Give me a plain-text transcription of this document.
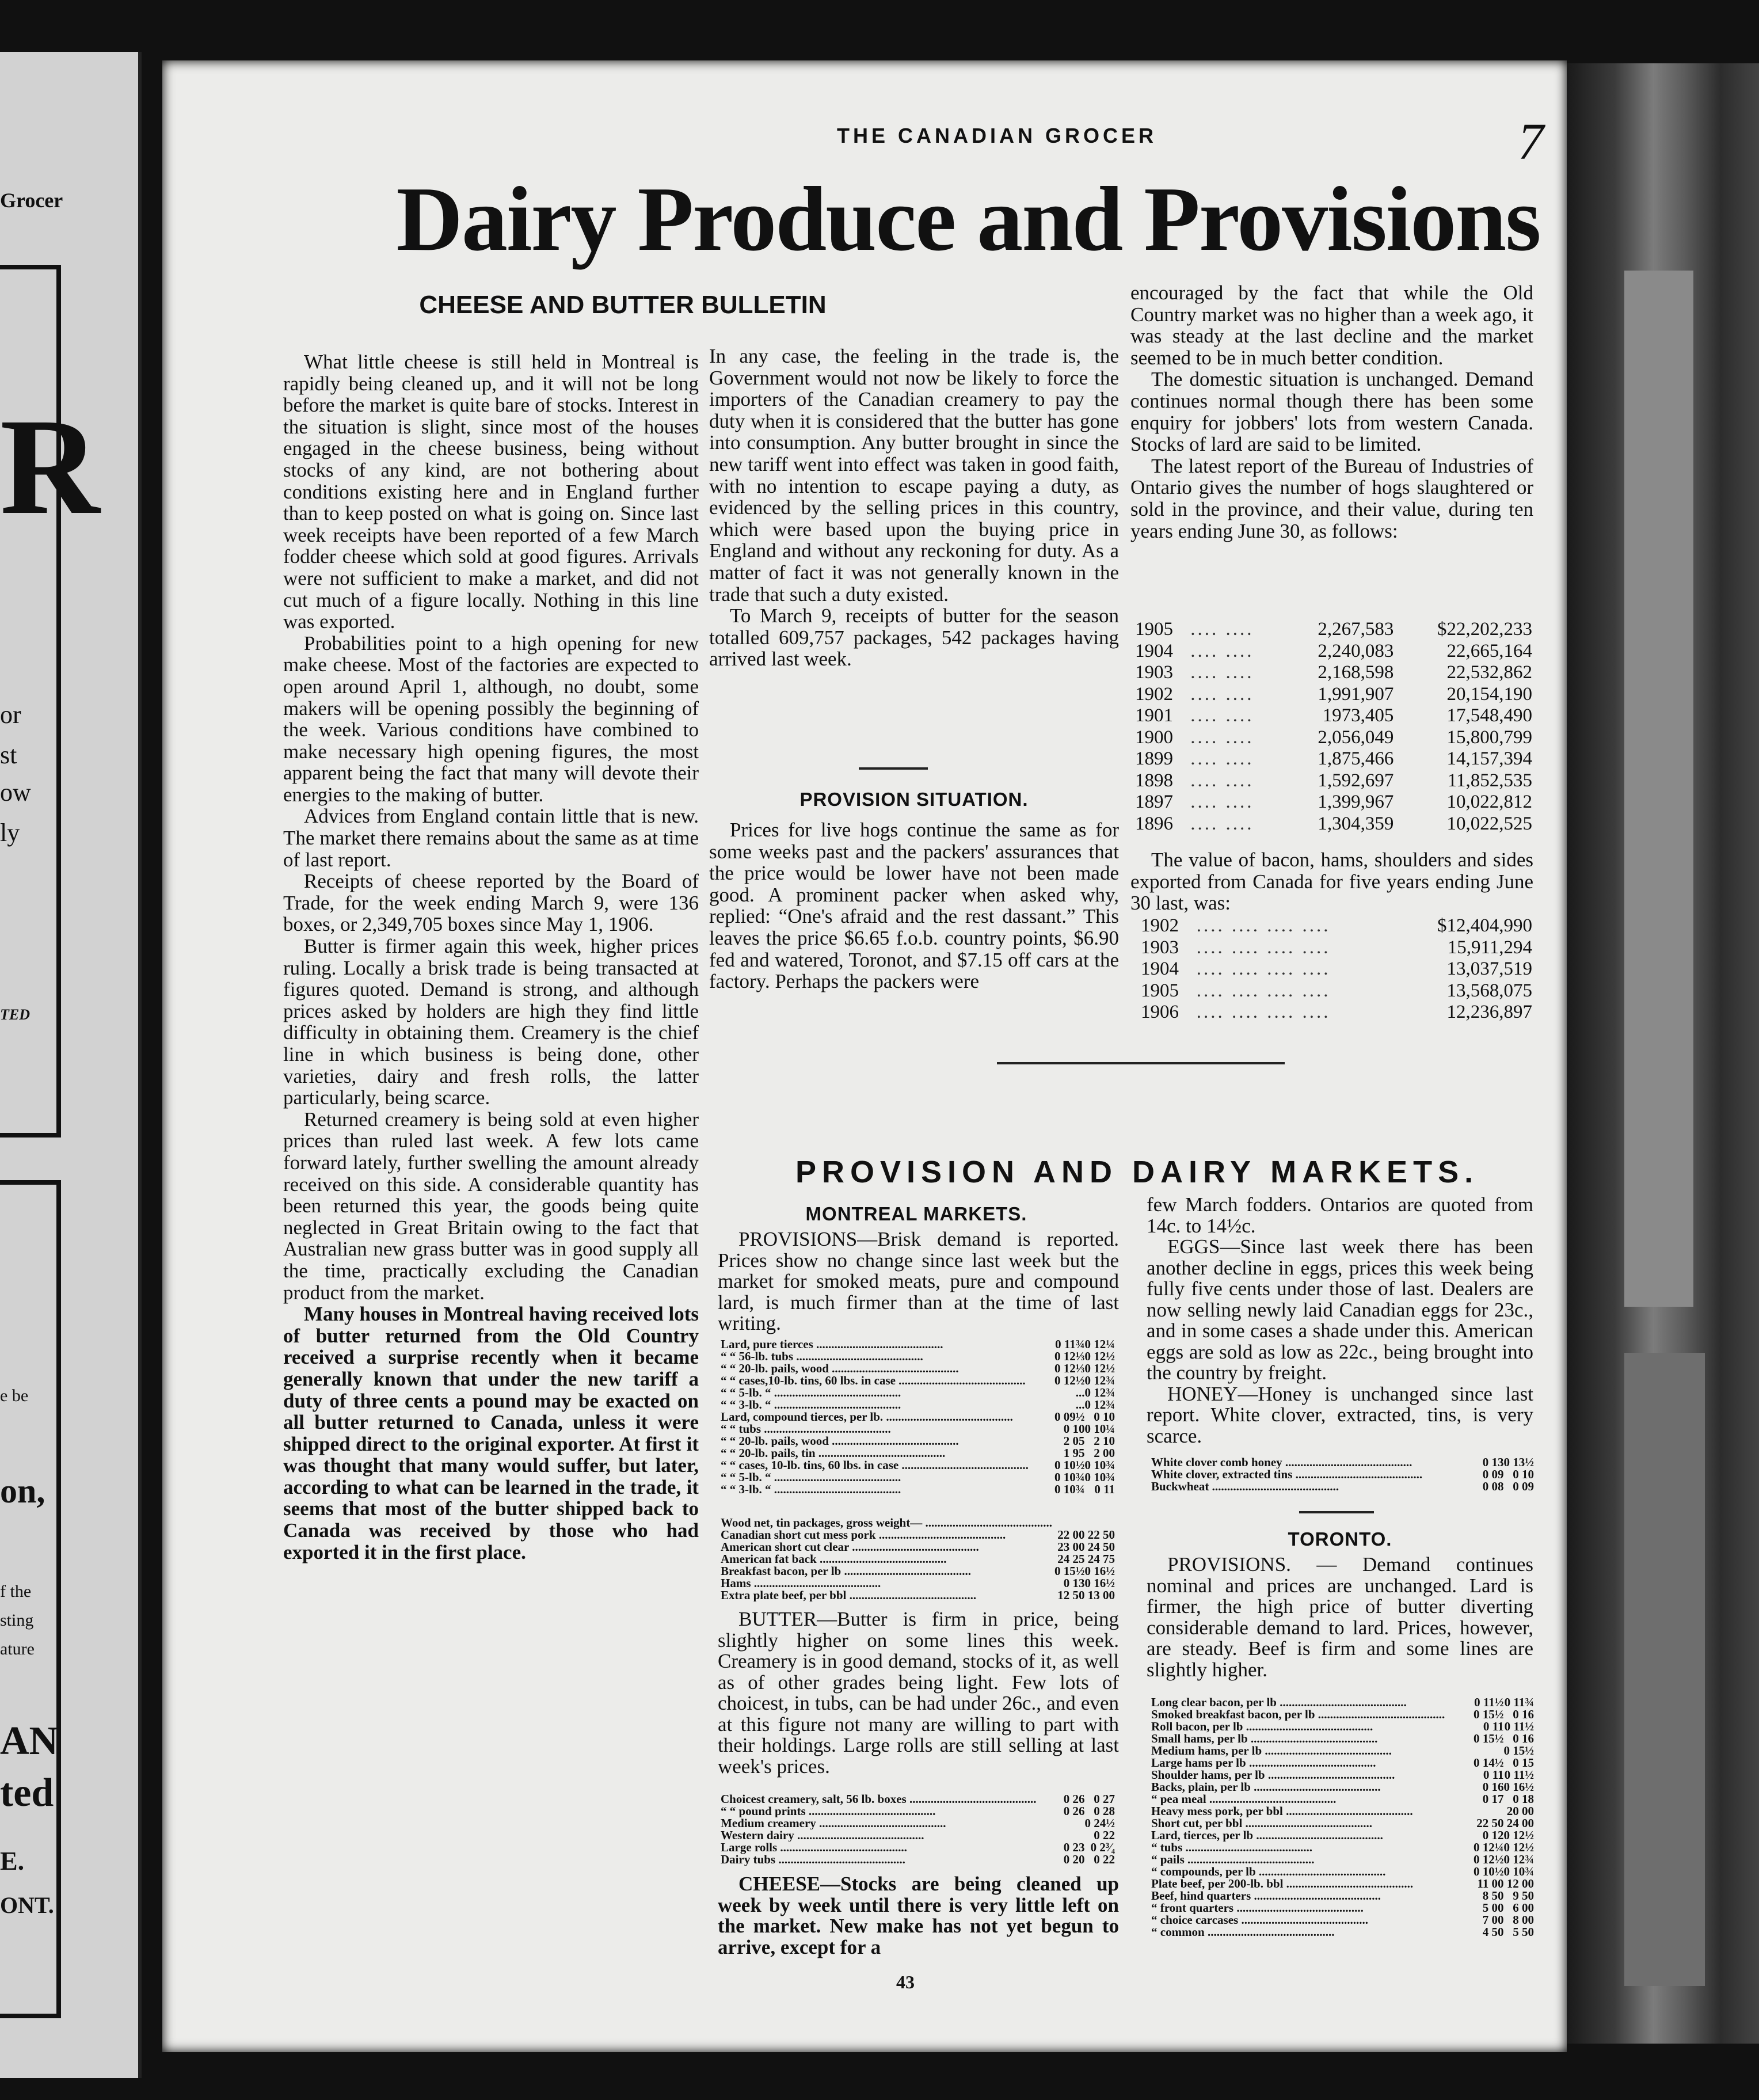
Grocer
R
or
st
ow
ly
TED
e be
on,
f the
sting
ature
AN
ted
E.
ONT.
THE CANADIAN GROCER	7
Dairy Produce and Provisions
CHEESE AND BUTTER BULLETIN

What little cheese is still held in Montreal is rapidly being cleaned up, and it will not be long before the market is quite bare of stocks. Interest in the situation is slight, since most of the houses engaged in the cheese business, being without stocks of any kind, are not bothering about conditions existing here and in England further than to keep posted on what is going on. Since last week receipts have been reported of a few March fodder cheese which sold at good figures. Arrivals were not sufficient to make a market, and did not cut much of a figure locally. Nothing in this line was exported.

Probabilities point to a high opening for new make cheese. Most of the factories are expected to open around April 1, although, no doubt, some makers will be opening possibly the beginning of the week. Various conditions have combined to make necessary high opening figures, the most apparent being the fact that many will devote their energies to the making of butter.

Advices from England contain little that is new. The market there remains about the same as at time of last report.

Receipts of cheese reported by the Board of Trade, for the week ending March 9, were 136 boxes, or 2,349,705 boxes since May 1, 1906.

Butter is firmer again this week, higher prices ruling. Locally a brisk trade is being transacted at figures quoted. Demand is strong, and although prices asked by holders are high they find little difficulty in obtaining them. Creamery is the chief line in which business is being done, other varieties, dairy and fresh rolls, the latter particularly, being scarce.

Returned creamery is being sold at even higher prices than ruled last week. A few lots came forward lately, further swelling the amount already received on this side. A considerable quantity has been returned this year, the goods being quite neglected in Great Britain owing to the fact that Australian new grass butter was in good supply all the time, practically excluding the Canadian product from the market.

Many houses in Montreal having received lots of butter returned from the Old Country received a surprise recently when it became generally known that under the new tariff a duty of three cents a pound may be exacted on all butter returned to Canada, unless it were shipped direct to the original exporter. At first it was thought that many would suffer, but later, according to what can be learned in the trade, it seems that most of the butter shipped back to Canada was received by those who had exported it in the first place.

In any case, the feeling in the trade is, the Government would not now be likely to force the importers of the Canadian creamery to pay the duty when it is considered that the butter has gone into consumption. Any butter brought in since the new tariff went into effect was taken in good faith, with no intention to escape paying a duty, as evidenced by the selling prices in this country, which were based upon the buying price in England and without any reckoning for duty. As a matter of fact it was not generally known in the trade that such a duty existed.

To March 9, receipts of butter for the season totalled 609,757 packages, 542 packages having arrived last week.

PROVISION SITUATION.

Prices for live hogs continue the same as for some weeks past and the packers' assurances that the price would be lower have not been made good. A prominent packer when asked why, replied: “One's afraid and the rest dassant.” This leaves the price $6.65 f.o.b. country points, $6.90 fed and watered, Toronot, and $7.15 off cars at the factory. Perhaps the packers were

encouraged by the fact that while the Old Country market was no higher than a week ago, it was steady at the last decline and the market seemed to be in much better condition.

The domestic situation is unchanged. Demand continues normal though there has been some enquiry for jobbers' lots from western Canada. Stocks of lard are said to be limited.

The latest report of the Bureau of Industries of Ontario gives the number of hogs slaughtered or sold in the province, and their value, during ten years ending June 30, as follows:

1905	.... ....	2,267,583	$22,202,233
1904	.... ....	2,240,083	22,665,164
1903	.... ....	2,168,598	22,532,862
1902	.... ....	1,991,907	20,154,190
1901	.... ....	1973,405	17,548,490
1900	.... ....	2,056,049	15,800,799
1899	.... ....	1,875,466	14,157,394
1898	.... ....	1,592,697	11,852,535
1897	.... ....	1,399,967	10,022,812
1896	.... ....	1,304,359	10,022,525

The value of bacon, hams, shoulders and sides exported from Canada for five years ending June 30 last, was:

1902	.... .... .... ....	$12,404,990
1903	.... .... .... ....	15,911,294
1904	.... .... .... ....	13,037,519
1905	.... .... .... ....	13,568,075
1906	.... .... .... ....	12,236,897
PROVISION AND DAIRY MARKETS.
MONTREAL MARKETS.

PROVISIONS—Brisk demand is reported. Prices show no change since last week but the market for smoked meats, pure and compound lard, is much firmer than at the time of last writing.

Lard, pure tierces ..........................................	0 11¾	0 12¼
“ “ 56-lb. tubs ..........................................	0 12⅓	0 12½
“ “ 20-lb. pails, wood ..........................................	0 12⅓	0 12½
“ “ cases,10-lb. tins, 60 lbs. in case ..........................................	0 12½	0 12¾
“ “ 5-lb. “ ..........................................	...	0 12¾
“ “ 3-lb. “ ..........................................	...	0 12¾
Lard, compound tierces, per lb. ..........................................	0 09½	0 10
“ “ tubs ..........................................	0 10	0 10¼
“ “ 20-lb. pails, wood ..........................................	2 05	2 10
“ “ 20-lb. pails, tin ..........................................	1 95	2 00
“ “ cases, 10-lb. tins, 60 lbs. in case ..........................................	0 10½	0 10¾
“ “ 5-lb. “ ..........................................	0 10¾	0 10¾
“ “ 3-lb. “ ..........................................	0 10¾	0 11
Wood net, tin packages, gross weight— ..........................................		
Canadian short cut mess pork ..........................................	22 00	22 50
American short cut clear ..........................................	23 00	24 50
American fat back ..........................................	24 25	24 75
Breakfast bacon, per lb ..........................................	0 15½	0 16½
Hams ..........................................	0 13	0 16½
Extra plate beef, per bbl ..........................................	12 50	13 00

BUTTER—Butter is firm in price, being slightly higher on some lines this week. Creamery is in good demand, stocks of it, as well as of other grades being light. Few lots of choicest, in tubs, can be had under 26c., and even at this figure not many are willing to part with their holdings. Large rolls are still selling at last week's prices.

Choicest creamery, salt, 56 lb. boxes ..........................................	0 26	0 27
“ “ pound prints ..........................................	0 26	0 28
Medium creamery ..........................................		0 24½
Western dairy ..........................................		0 22
Large rolls ..........................................	0 23	0 2³⁄₄
Dairy tubs ..........................................	0 20	0 22

CHEESE—Stocks are being cleaned up week by week until there is very little left on the market. New make has not yet begun to arrive, except for a

43

few March fodders. Ontarios are quoted from 14c. to 14½c.

EGGS—Since last week there has been another decline in eggs, prices this week being fully five cents under those of last. Dealers are now selling newly laid Canadian eggs for 23c., and in some cases a shade under this. American eggs are sold as low as 22c., being brought into the country by freight.

HONEY—Honey is unchanged since last report. White clover, extracted, tins, is very scarce.

White clover comb honey ..........................................	0 13	0 13½
White clover, extracted tins ..........................................	0 09	0 10
Buckwheat ..........................................	0 08	0 09
TORONTO.

PROVISIONS. — Demand continues nominal and prices are unchanged. Lard is firmer, the high price of butter diverting considerable demand to lard. Prices, however, are steady. Beef is firm and some lines are slightly higher.

Long clear bacon, per lb ..........................................	0 11½	0 11¾
Smoked breakfast bacon, per lb ..........................................	0 15½	0 16
Roll bacon, per lb ..........................................	0 11	0 11½
Small hams, per lb ..........................................	0 15½	0 16
Medium hams, per lb ..........................................		0 15½
Large hams per lb ..........................................	0 14½	0 15
Shoulder hams, per lb ..........................................	0 11	0 11½
Backs, plain, per lb ..........................................	0 16	0 16½
“ pea meal ..........................................	0 17	0 18
Heavy mess pork, per bbl ..........................................		20 00
Short cut, per bbl ..........................................	22 50	24 00
Lard, tierces, per lb ..........................................	0 12	0 12½
“ tubs ..........................................	0 12¼	0 12½
“ pails ..........................................	0 12½	0 12¾
“ compounds, per lb ..........................................	0 10½	0 10¾
Plate beef, per 200-lb. bbl ..........................................	11 00	12 00
Beef, hind quarters ..........................................	8 50	9 50
“ front quarters ..........................................	5 00	6 00
“ choice carcases ..........................................	7 00	8 00
“ common ..........................................	4 50	5 50
